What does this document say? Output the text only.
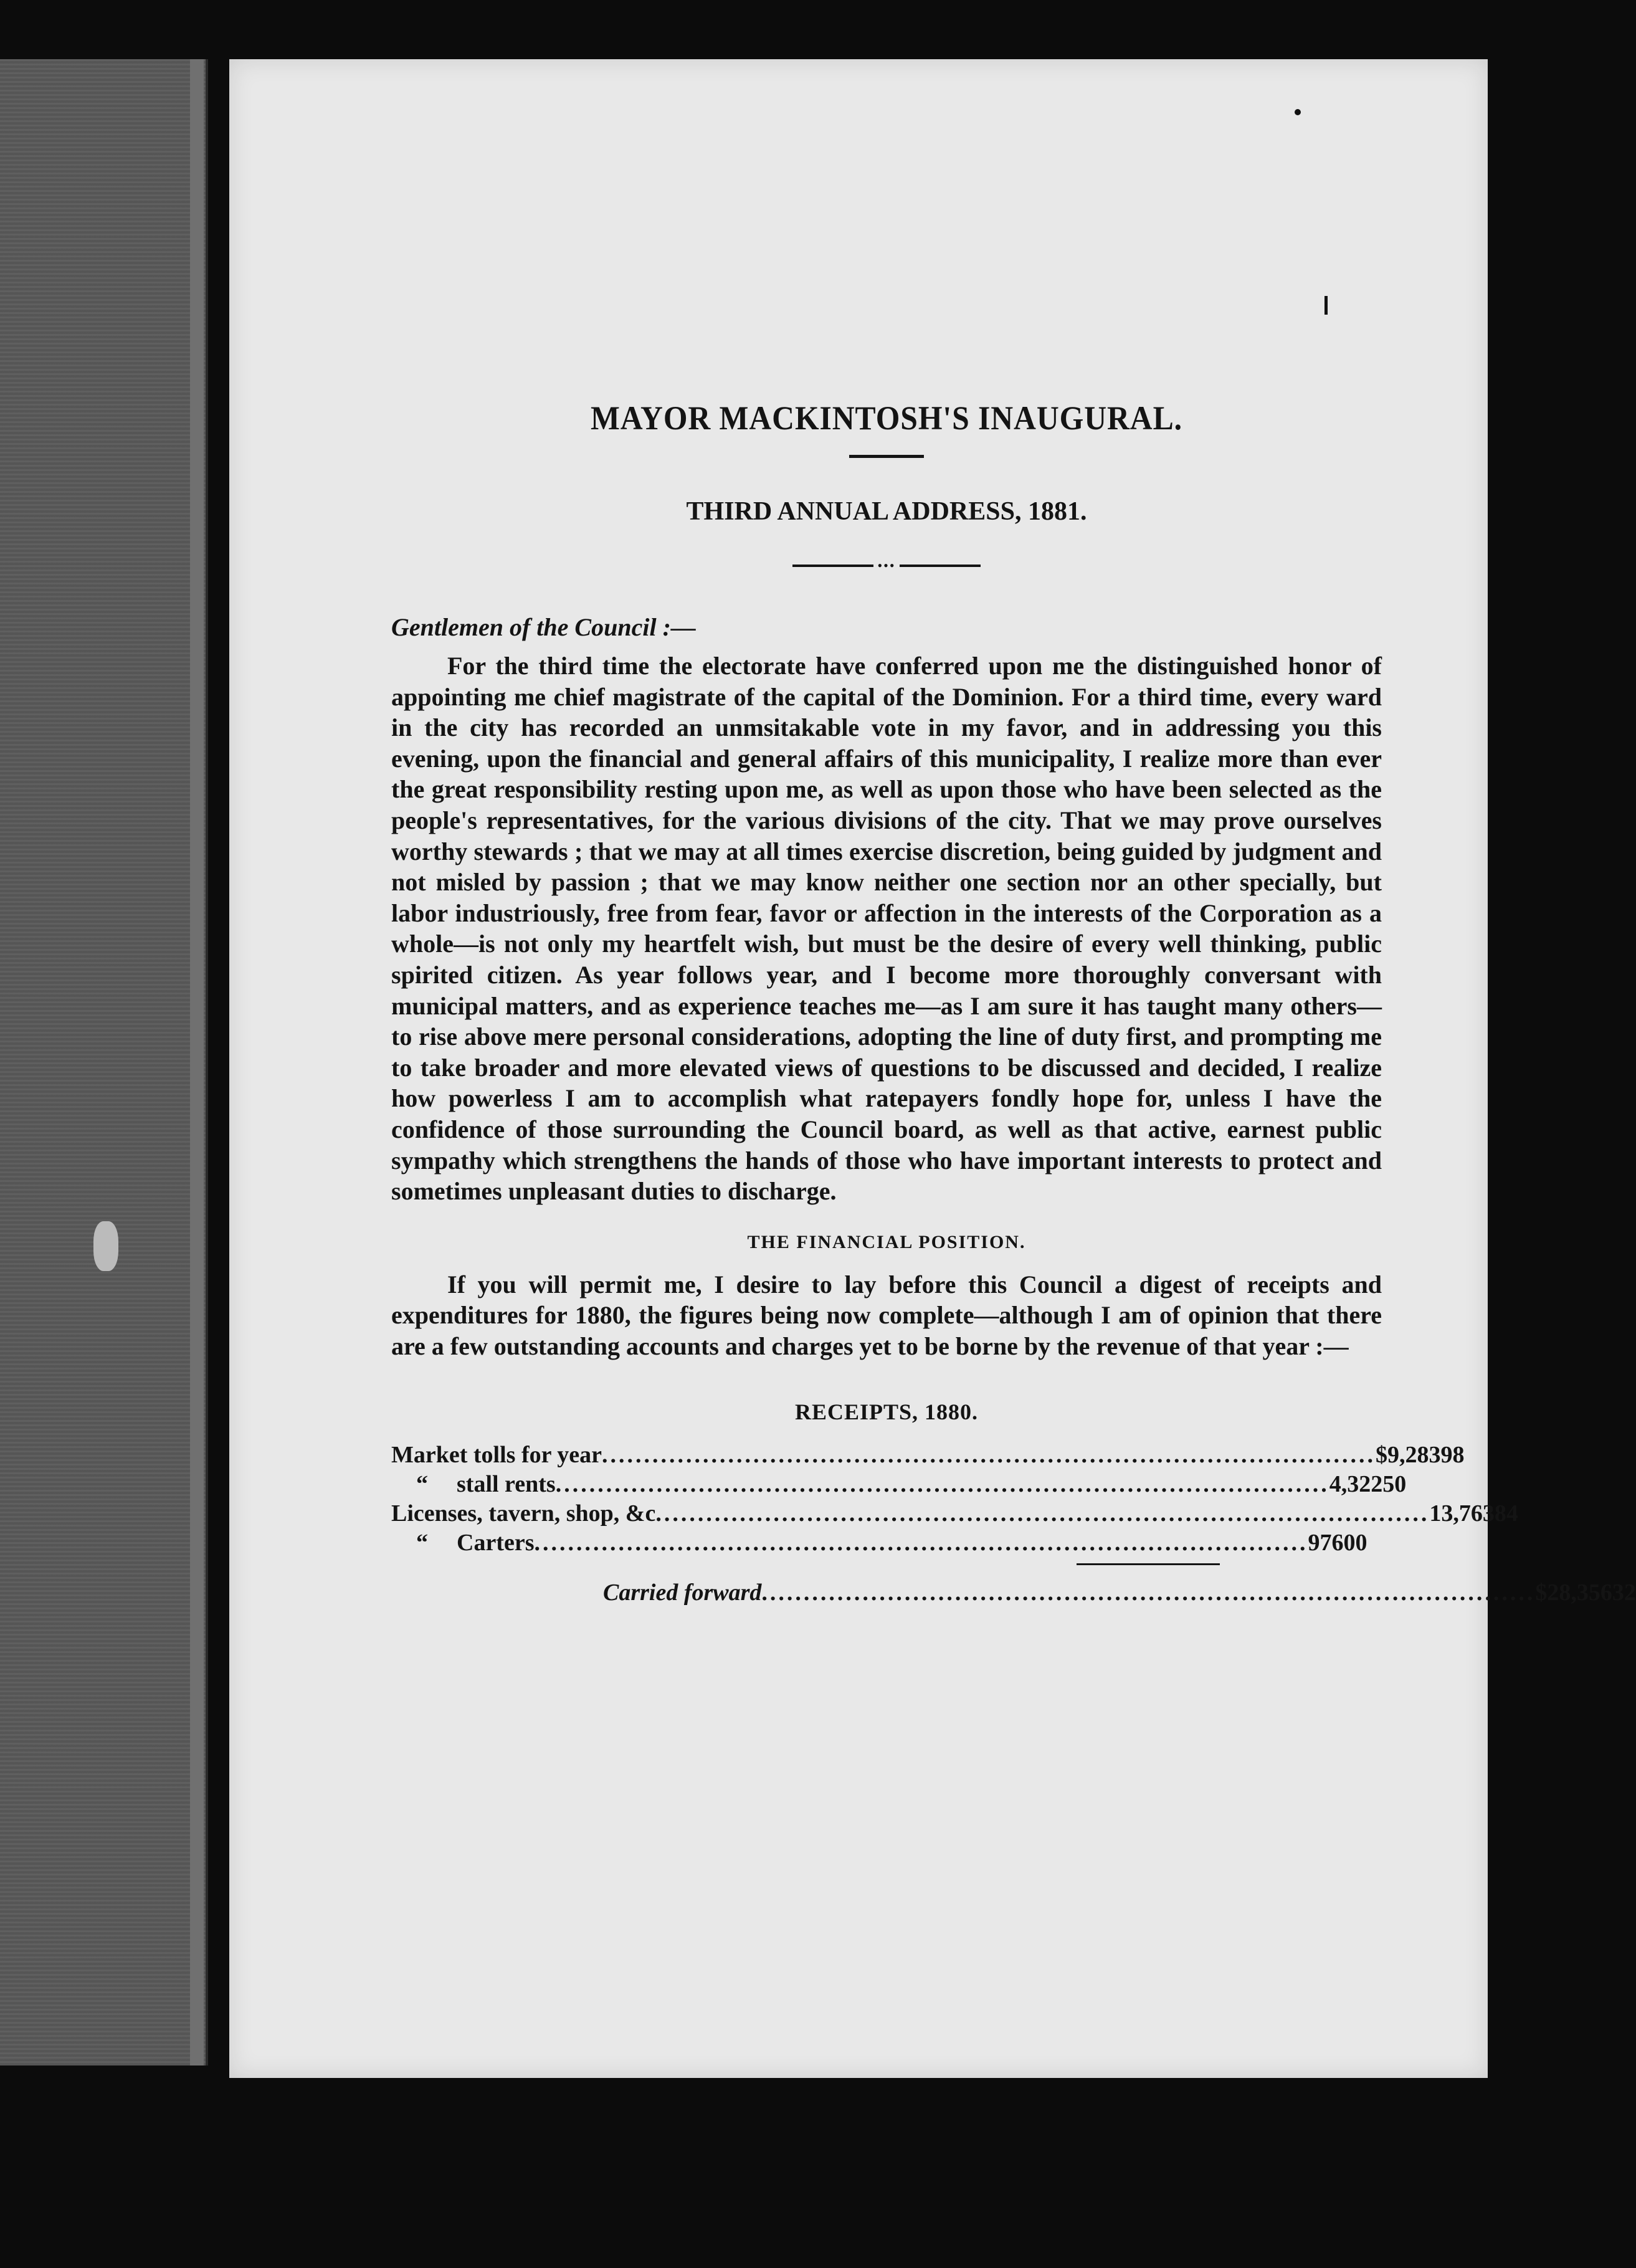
MAYOR MACKINTOSH'S INAUGURAL.
THIRD ANNUAL ADDRESS, 1881.
•••

Gentlemen of the Council :—

For the third time the electorate have conferred upon me the distinguished honor of appointing me chief magistrate of the capital of the Dominion. For a third time, every ward in the city has recorded an unmsitakable vote in my favor, and in addressing you this evening, upon the financial and general affairs of this municipality, I realize more than ever the great responsibility resting upon me, as well as upon those who have been selected as the people's representatives, for the various divisions of the city. That we may prove ourselves worthy stewards ; that we may at all times exercise discretion, being guided by judgment and not misled by passion ; that we may know neither one section nor an other specially, but labor industriously, free from fear, favor or affection in the interests of the Corporation as a whole—is not only my heartfelt wish, but must be the desire of every well thinking, public spirited citizen. As year follows year, and I become more thoroughly conversant with municipal matters, and as experience teaches me—as I am sure it has taught many others—to rise above mere personal considerations, adopting the line of duty first, and prompting me to take broader and more elevated views of questions to be discussed and decided, I realize how powerless I am to accomplish what ratepayers fondly hope for, unless I have the confidence of those surrounding the Council board, as well as that active, earnest public sympathy which strengthens the hands of those who have important interests to protect and sometimes unpleasant duties to discharge.

THE FINANCIAL POSITION.

If you will permit me, I desire to lay before this Council a digest of receipts and expenditures for 1880, the figures being now complete—although I am of opinion that there are a few outstanding accounts and charges yet to be borne by the revenue of that year :—

RECEIPTS, 1880.
Market tolls for year ............................................................................................ $ 9,283 98
“ stall rents ............................................................................................ 4,322 50
Licenses, tavern, shop, &c ............................................................................................ 13,763 84
“ Carters ............................................................................................ 976 00
Carried forward ............................................................................................ $28,356 32
